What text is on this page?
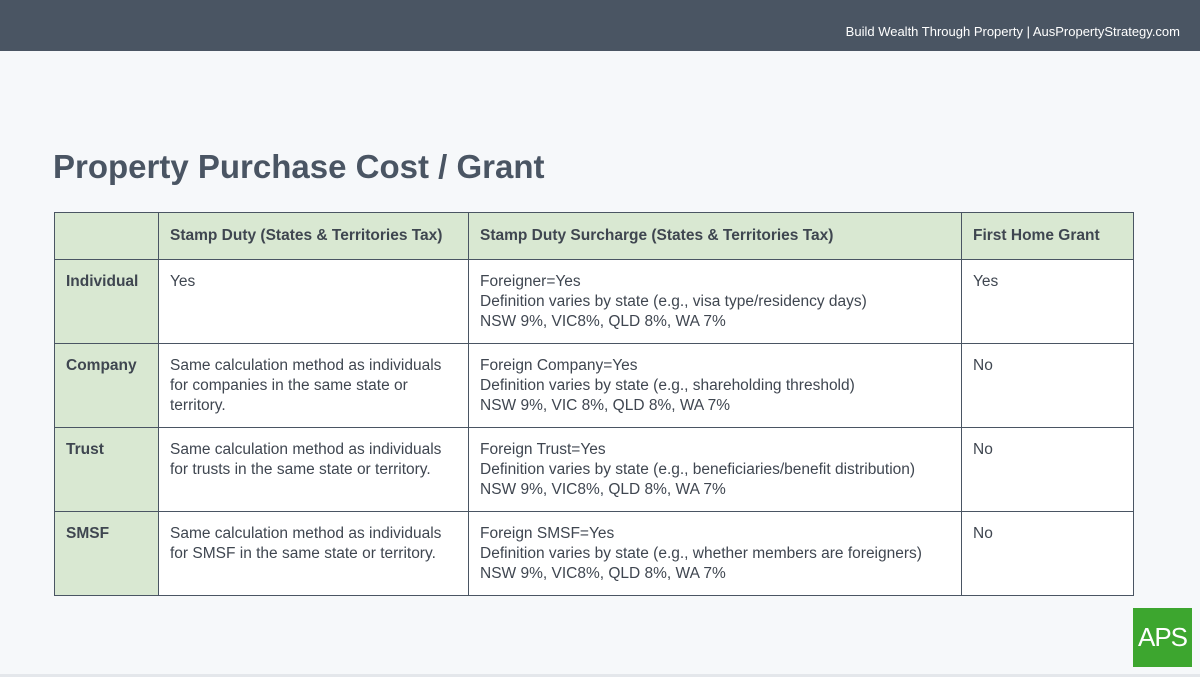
Build Wealth Through Property | AusPropertyStrategy.com
Property Purchase Cost / Grant
	Stamp Duty (States & Territories Tax)	Stamp Duty Surcharge (States & Territories Tax)	First Home Grant
Individual	Yes	Foreigner=Yes
Definition varies by state (e.g., visa type/residency days)
NSW 9%, VIC8%, QLD 8%, WA 7%	Yes
Company	Same calculation method as individuals for companies in the same state or territory.	Foreign Company=Yes
Definition varies by state (e.g., shareholding threshold)
NSW 9%, VIC 8%, QLD 8%, WA 7%	No
Trust	Same calculation method as individuals for trusts in the same state or territory.	Foreign Trust=Yes
Definition varies by state (e.g., beneficiaries/benefit distribution)
NSW 9%, VIC8%, QLD 8%, WA 7%	No
SMSF	Same calculation method as individuals for SMSF in the same state or territory.	Foreign SMSF=Yes
Definition varies by state (e.g., whether members are foreigners)
NSW 9%, VIC8%, QLD 8%, WA 7%	No
APS
